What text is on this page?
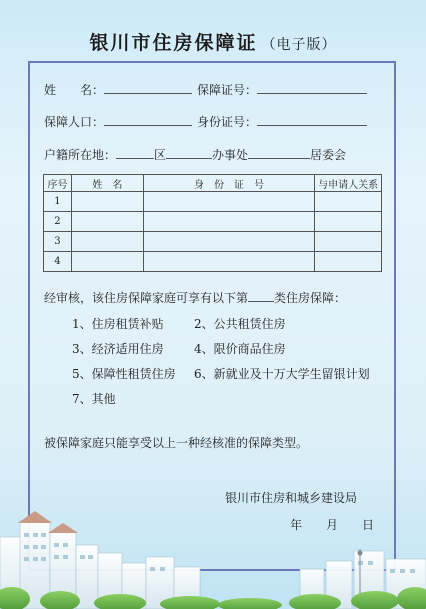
银川市住房保障证 （电子版）
姓　　名：	保障证号：
保障人口：	身份证号：
户籍所在地：	区	办事处	居委会
序号	姓　名	身　份　证　号	与申请人关系
1			
2			
3			
4			
经审核，该住房保障家庭可享有以下第 类住房保障：
1、住房租赁补贴	2、公共租赁住房
3、经济适用住房	4、限价商品住房
5、保障性租赁住房 6、新就业及十万大学生留银计划
7、其他
被保障家庭只能享受以上一种经核准的保障类型。
银川市住房和城乡建设局
年　　月　　日
